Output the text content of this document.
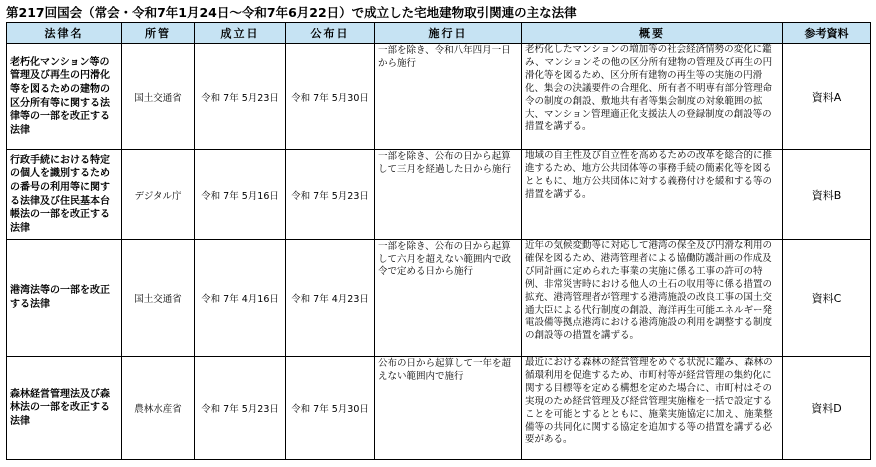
第217回国会（常会・令和7年1月24日～令和7年6月22日）で成立した宅地建物取引関連の主な法律
法律名	所管	成立日	公布日	施行日	概要	参考資料
老朽化マンション等の管理及び再生の円滑化等を図るための建物の区分所有等に関する法律等の一部を改正する法律	国土交通省	令和 7年 5月23日	令和 7年 5月30日	一部を除き、令和八年四月一日から施行	老朽化したマンションの増加等の社会経済情勢の変化に鑑み、マンションその他の区分所有建物の管理及び再生の円滑化等を図るため、区分所有建物の再生等の実施の円滑化、集会の決議要件の合理化、所有者不明専有部分管理命令の制度の創設、敷地共有者等集会制度の対象範囲の拡大、マンション管理適正化支援法人の登録制度の創設等の措置を講ずる。	資料A
行政手続における特定の個人を識別するための番号の利用等に関する法律及び住民基本台帳法の一部を改正する法律	デジタル庁	令和 7年 5月16日	令和 7年 5月23日	一部を除き、公布の日から起算して三月を経過した日から施行	地域の自主性及び自立性を高めるための改革を総合的に推進するため、地方公共団体等の事務手続の簡素化等を図るとともに、地方公共団体に対する義務付けを緩和する等の措置を講ずる。	資料B
港湾法等の一部を改正する法律	国土交通省	令和 7年 4月16日	令和 7年 4月23日	一部を除き、公布の日から起算して六月を超えない範囲内で政令で定める日から施行	近年の気候変動等に対応して港湾の保全及び円滑な利用の確保を図るため、港湾管理者による協働防護計画の作成及び同計画に定められた事業の実施に係る工事の許可の特例、非常災害時における他人の土石の収用等に係る措置の拡充、港湾管理者が管理する港湾施設の改良工事の国土交通大臣による代行制度の創設、海洋再生可能エネルギー発電設備等拠点港湾における港湾施設の利用を調整する制度の創設等の措置を講ずる。	資料C
森林経営管理法及び森林法の一部を改正する法律	農林水産省	令和 7年 5月23日	令和 7年 5月30日	公布の日から起算して一年を超えない範囲内で施行	最近における森林の経営管理をめぐる状況に鑑み、森林の循環利用を促進するため、市町村等が経営管理の集約化に関する目標等を定める構想を定めた場合に、市町村はその実現のため経営管理及び経営管理実施権を一括で設定することを可能とするとともに、施業実施協定に加え、施業整備等の共同化に関する協定を追加する等の措置を講ずる必要がある。	資料D
